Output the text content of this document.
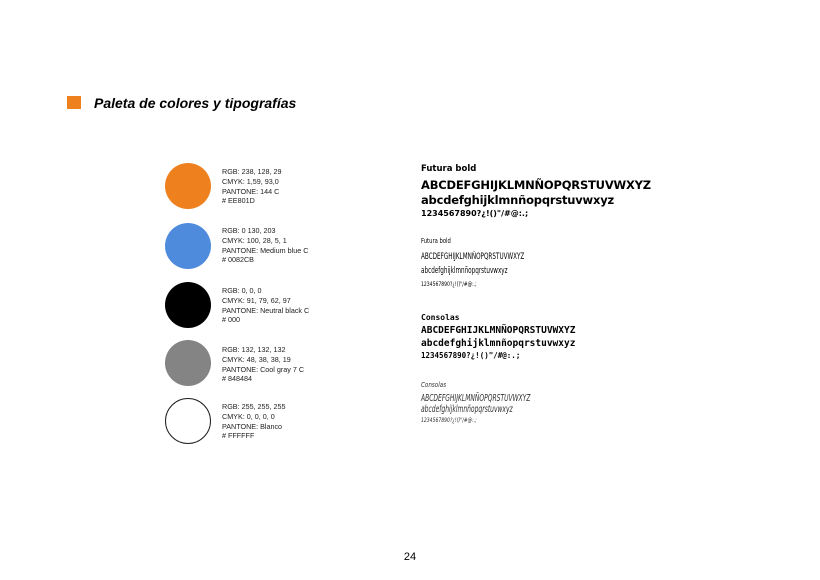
Paleta de colores y tipografías
RGB: 238, 128, 29
CMYK: 1,59, 93,0
PANTONE: 144 C
# EE801D
RGB: 0 130, 203
CMYK: 100, 28, 5, 1
PANTONE: Medium blue C
# 0082CB
RGB: 0, 0, 0
CMYK: 91, 79, 62, 97
PANTONE: Neutral black C
# 000
RGB: 132, 132, 132
CMYK: 48, 38, 38, 19
PANTONE: Cool gray 7 C
# 848484
RGB: 255, 255, 255
CMYK: 0, 0, 0, 0
PANTONE: Blanco
# FFFFFF
Futura bold
ABCDEFGHIJKLMNÑOPQRSTUVWXYZ
abcdefghijklmnñopqrstuvwxyz
1234567890?¿!()"/#@:.;
Futura bold
ABCDEFGHIJKLMNÑOPQRSTUVWXYZ
abcdefghijklmnñopqrstuvwxyz
1234567890?¿!()"/#@:.;
Consolas
ABCDEFGHIJKLMNÑOPQRSTUVWXYZ
abcdefghijklmnñopqrstuvwxyz
1234567890?¿!()"/#@:.;
Consolas
ABCDEFGHIJKLMNÑOPQRSTUVWXYZ
abcdefghijklmnñopqrstuvwxyz
1234567890?¿!()"/#@:.;
24
